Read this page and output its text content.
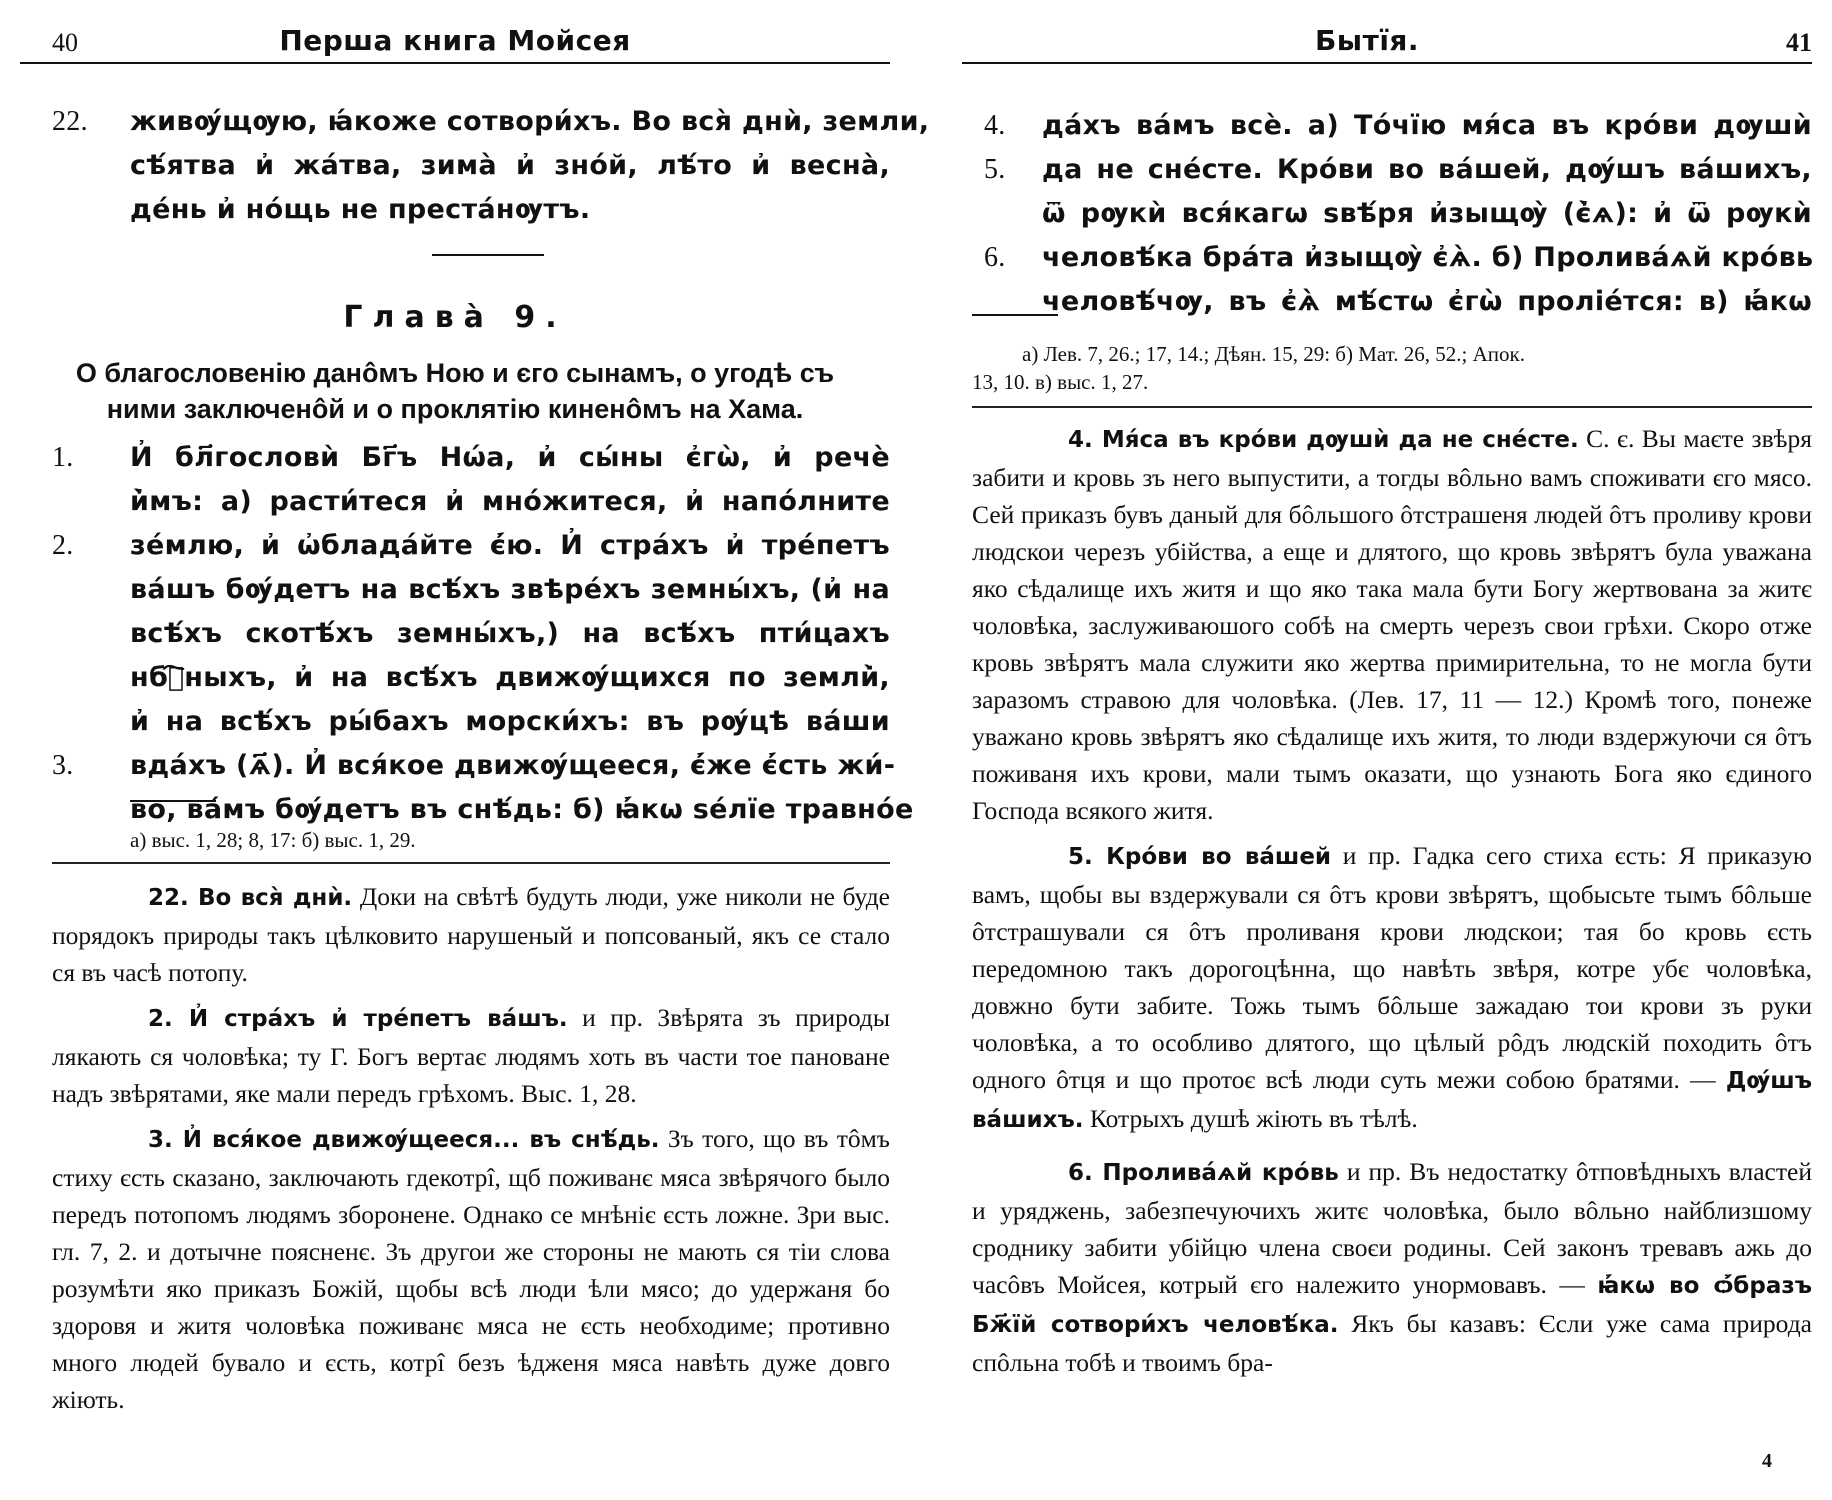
40	Перша книга Мойсея
22.	живѹ́щѹю, ꙗ́коже сотвори́хъ. Во вся̀ днѝ, земли,
сѣ́ятва и҆ жа́тва, зима̀ и҆ зно́й, лѣ́то и҆ весна̀,
де́нь и҆ но́щь не преста́нѹтъ.
Глава̀ 9.
О благословенію данôмъ Ною и єго сынамъ, о угодѣ съ
ними заключенôй и о проклятію киненôмъ на Хама.
1.	И҆ бл҃гословѝ Бг҃ъ Нѡ́а, и҆ сы́ны є҆гѡ̀, и҆ речѐ
и҆̀мъ: а) расти́теся и҆ мно́житеся, и҆ напо́лните
2.	зе́млю, и҆ ѡ҆блада́йте є҆́ю. И҆ стра́хъ и҆ тре́петъ
ва́шъ бѹ́детъ на всѣ́хъ звѣре́хъ земны́хъ, (и҆ на
всѣ́хъ скотѣ́хъ земны́хъ,) на всѣ́хъ пти́цахъ
нбⷭ҇ныхъ, и҆ на всѣ́хъ движѹ́щихся по земли̇̀,
и҆ на всѣ́хъ ры́бахъ морски́хъ: въ рѹ́цѣ ва́ши
3.	вда́хъ (ѧ҃). И҆ вся́кое движѹ́щееся, є҆́же є҆́сть жи́-
во, ва́мъ бѹ́детъ въ снѣ́дь: б) ꙗ҆́кѡ ѕе́лїе травно́е
а) выс. 1, 28; 8, 17: б) выс. 1, 29.

22. Во вся̀ днѝ. Доки на свѣтѣ будуть люди, уже николи не буде порядокъ природы такъ цѣлковито нарушеный и попсованый, якъ се стало ся въ часѣ потопу.

2. И҆ стра́хъ и҆ тре́петъ ва́шъ. и пр. Звѣрята зъ природы лякають ся чоловѣка; ту Г. Богъ вертає людямъ хоть въ части тое пановане надъ звѣрятами, яке мали передъ грѣхомъ. Выс. 1, 28.

3. И҆ вся́кое движѹ́щееся... въ снѣ́дь. Зъ того, що въ тôмъ стиху єсть сказано, заключають гдекотрî, щб поживанє мяса звѣрячого было передъ потопомъ людямъ зборонене. Однако се мнѣніє єсть ложне. Зри выс. гл. 7, 2. и дотычне поясненє. Зъ другои же стороны не мають ся тіи слова розумѣти яко приказъ Божій, щобы всѣ люди ѣли мясо; до удержаня бо здоровя и житя чоловѣка поживанє мяса не єсть необходиме; противно много людей бувало и єсть, котрî безъ ѣдженя мяса навѣть дуже довго жіють.

Бытїя.	41
4.	да́хъ ва́мъ всѐ. а) То́чїю мя́са въ кро́ви дѹшѝ
5.	да не сне́сте. Кро́ви во ва́шей, дѹ́шъ ва́шихъ,
ѿ рѹкѝ вся́кагѡ ѕвѣ́ря и҆зыщѹ̀ (є҆̀ѧ): и҆ ѿ рѹкѝ
6.	человѣ́ка бра́та и҆зыщѹ̀ є҆ѧ̀. б) Пролива́ѧй кро́вь
человѣ́чѹ, въ є҆ѧ̀ мѣ́стѡ є҆гѡ̀ проліе́тся: в) ꙗ҆́кѡ
а) Лев. 7, 26.; 17, 14.; Дѣян. 15, 29: б) Мат. 26, 52.; Апок.
13, 10. в) выс. 1, 27.

4. Мя́са въ кро́ви дѹшѝ да не сне́сте. С. є. Вы маєте звѣря забити и кровь зъ него выпустити, а тогды вôльно вамъ споживати єго мясо. Сей приказъ бувъ даный для бôльшого ôтстрашеня людей ôтъ проливу крови людскои черезъ убійства, а еще и длятого, що кровь звѣрятъ була уважана яко сѣдалище ихъ житя и що яко така мала бути Богу жертвована за житє чоловѣка, заслуживаюшого собѣ на смерть черезъ свои грѣхи. Скоро отже кровь звѣрятъ мала служити яко жертва примирительна, то не могла бути заразомъ стравою для чоловѣка. (Лев. 17, 11 — 12.) Кромѣ того, понеже уважано кровь звѣрятъ яко сѣдалище ихъ житя, то люди вздержуючи ся ôтъ поживаня ихъ крови, мали тымъ оказати, що узнають Бога яко єдиного Господа всякого житя.

5. Кро́ви во ва́шей и пр. Гадка сего стиха єсть: Я приказую вамъ, щобы вы вздержували ся ôтъ крови звѣрятъ, щобысьте тымъ бôльше ôтстрашували ся ôтъ проливаня крови людскои; тая бо кровь єсть передомною такъ дорогоцѣнна, що навѣть звѣря, котре убє чоловѣка, довжно бути забите. Тожь тымъ бôльше зажадаю тои крови зъ руки чоловѣка, а то особливо длятого, що цѣлый рôдъ людскій походить ôтъ одного ôтця и що протоє всѣ люди суть межи собою братями. — Дѹ́шъ ва́шихъ. Котрыхъ душѣ жіють въ тѣлѣ.

6. Пролива́ѧй кро́вь и пр. Въ недостатку ôтповѣдныхъ властей и уряджень, забезпечуючихъ житє чоловѣка, было вôльно найблизшому сроднику забити убійцю члена своєи родины. Сей законъ тревавъ ажь до часôвъ Мойсея, котрый єго належито унормовавъ. — ꙗ҆́кѡ во ѻ҆́бразъ Бж҃їй сотвори́хъ человѣ́ка. Якъ бы казавъ: Єсли уже сама природа спôльна тобѣ и твоимъ бра-

4
